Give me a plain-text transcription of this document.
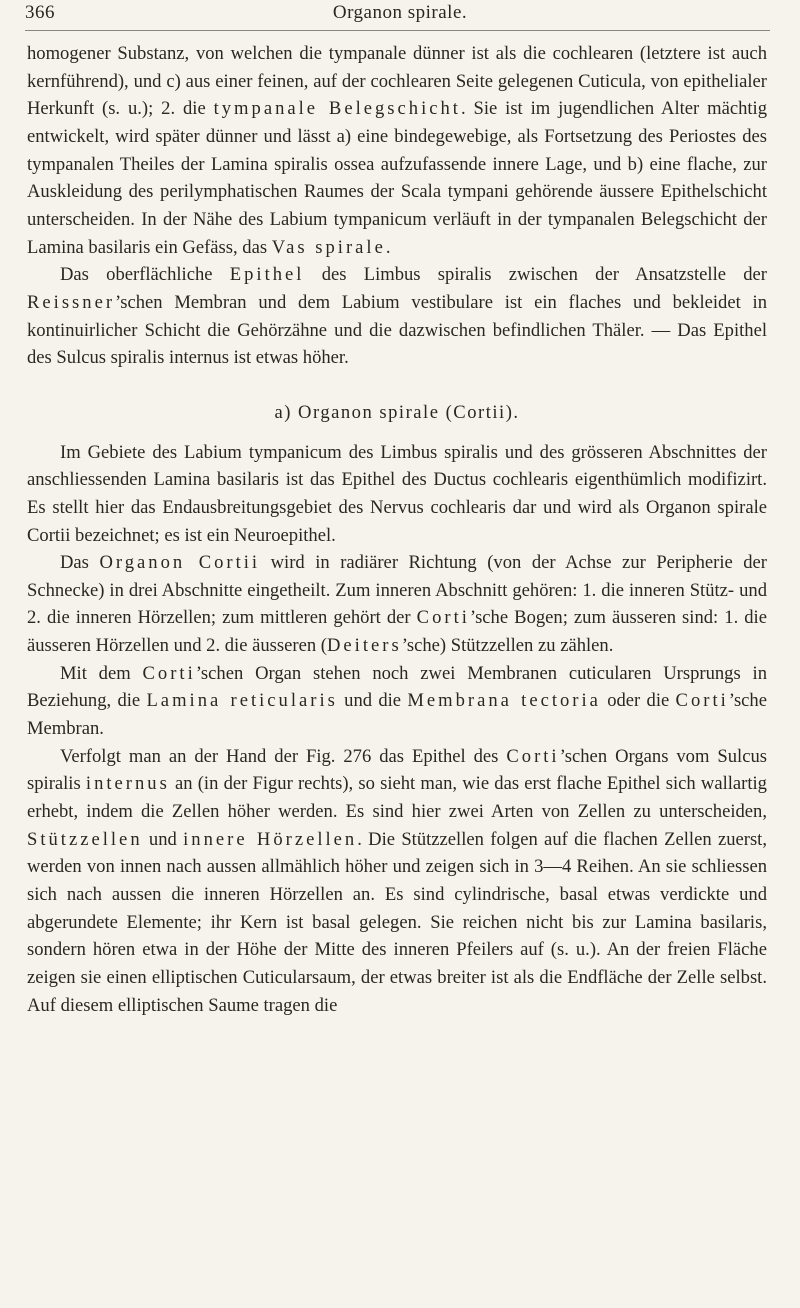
366	Organon spirale.

homogener Substanz, von welchen die tympanale dünner ist als die cochlearen (letztere ist auch kernführend), und c) aus einer feinen, auf der cochlearen Seite gelegenen Cuticula, von epithelialer Herkunft (s. u.); 2. die tympanale Belegschicht. Sie ist im jugendlichen Alter mächtig entwickelt, wird später dünner und lässt a) eine bindegewebige, als Fortsetzung des Periostes des tympanalen Theiles der Lamina spiralis ossea aufzufassende innere Lage, und b) eine flache, zur Auskleidung des perilymphatischen Raumes der Scala tympani gehörende äussere Epithelschicht unterscheiden. In der Nähe des Labium tympanicum verläuft in der tympanalen Belegschicht der Lamina basilaris ein Gefäss, das Vas spirale.

Das oberflächliche Epithel des Limbus spiralis zwischen der Ansatzstelle der Reissner’schen Membran und dem Labium vestibulare ist ein flaches und bekleidet in kontinuirlicher Schicht die Gehörzähne und die dazwischen befindlichen Thäler. — Das Epithel des Sulcus spiralis internus ist etwas höher.

a) Organon spirale (Cortii).

Im Gebiete des Labium tympanicum des Limbus spiralis und des grösseren Abschnittes der anschliessenden Lamina basilaris ist das Epithel des Ductus cochlearis eigenthümlich modifizirt. Es stellt hier das Endausbreitungsgebiet des Nervus cochlearis dar und wird als Organon spirale Cortii bezeichnet; es ist ein Neuroepithel.

Das Organon Cortii wird in radiärer Richtung (von der Achse zur Peripherie der Schnecke) in drei Abschnitte eingetheilt. Zum inneren Abschnitt gehören: 1. die inneren Stütz- und 2. die inneren Hörzellen; zum mittleren gehört der Corti’sche Bogen; zum äusseren sind: 1. die äusseren Hörzellen und 2. die äusseren (Deiters’sche) Stützzellen zu zählen.

Mit dem Corti’schen Organ stehen noch zwei Membranen cuticularen Ursprungs in Beziehung, die Lamina reticularis und die Membrana tectoria oder die Corti’sche Membran.

Verfolgt man an der Hand der Fig. 276 das Epithel des Corti’schen Organs vom Sulcus spiralis internus an (in der Figur rechts), so sieht man, wie das erst flache Epithel sich wallartig erhebt, indem die Zellen höher werden. Es sind hier zwei Arten von Zellen zu unterscheiden, Stützzellen und innere Hörzellen. Die Stützzellen folgen auf die flachen Zellen zuerst, werden von innen nach aussen allmählich höher und zeigen sich in 3—4 Reihen. An sie schliessen sich nach aussen die inneren Hörzellen an. Es sind cylindrische, basal etwas verdickte und abgerundete Elemente; ihr Kern ist basal gelegen. Sie reichen nicht bis zur Lamina basilaris, sondern hören etwa in der Höhe der Mitte des inneren Pfeilers auf (s. u.). An der freien Fläche zeigen sie einen elliptischen Cuticularsaum, der etwas breiter ist als die Endfläche der Zelle selbst. Auf diesem elliptischen Saume tragen die
